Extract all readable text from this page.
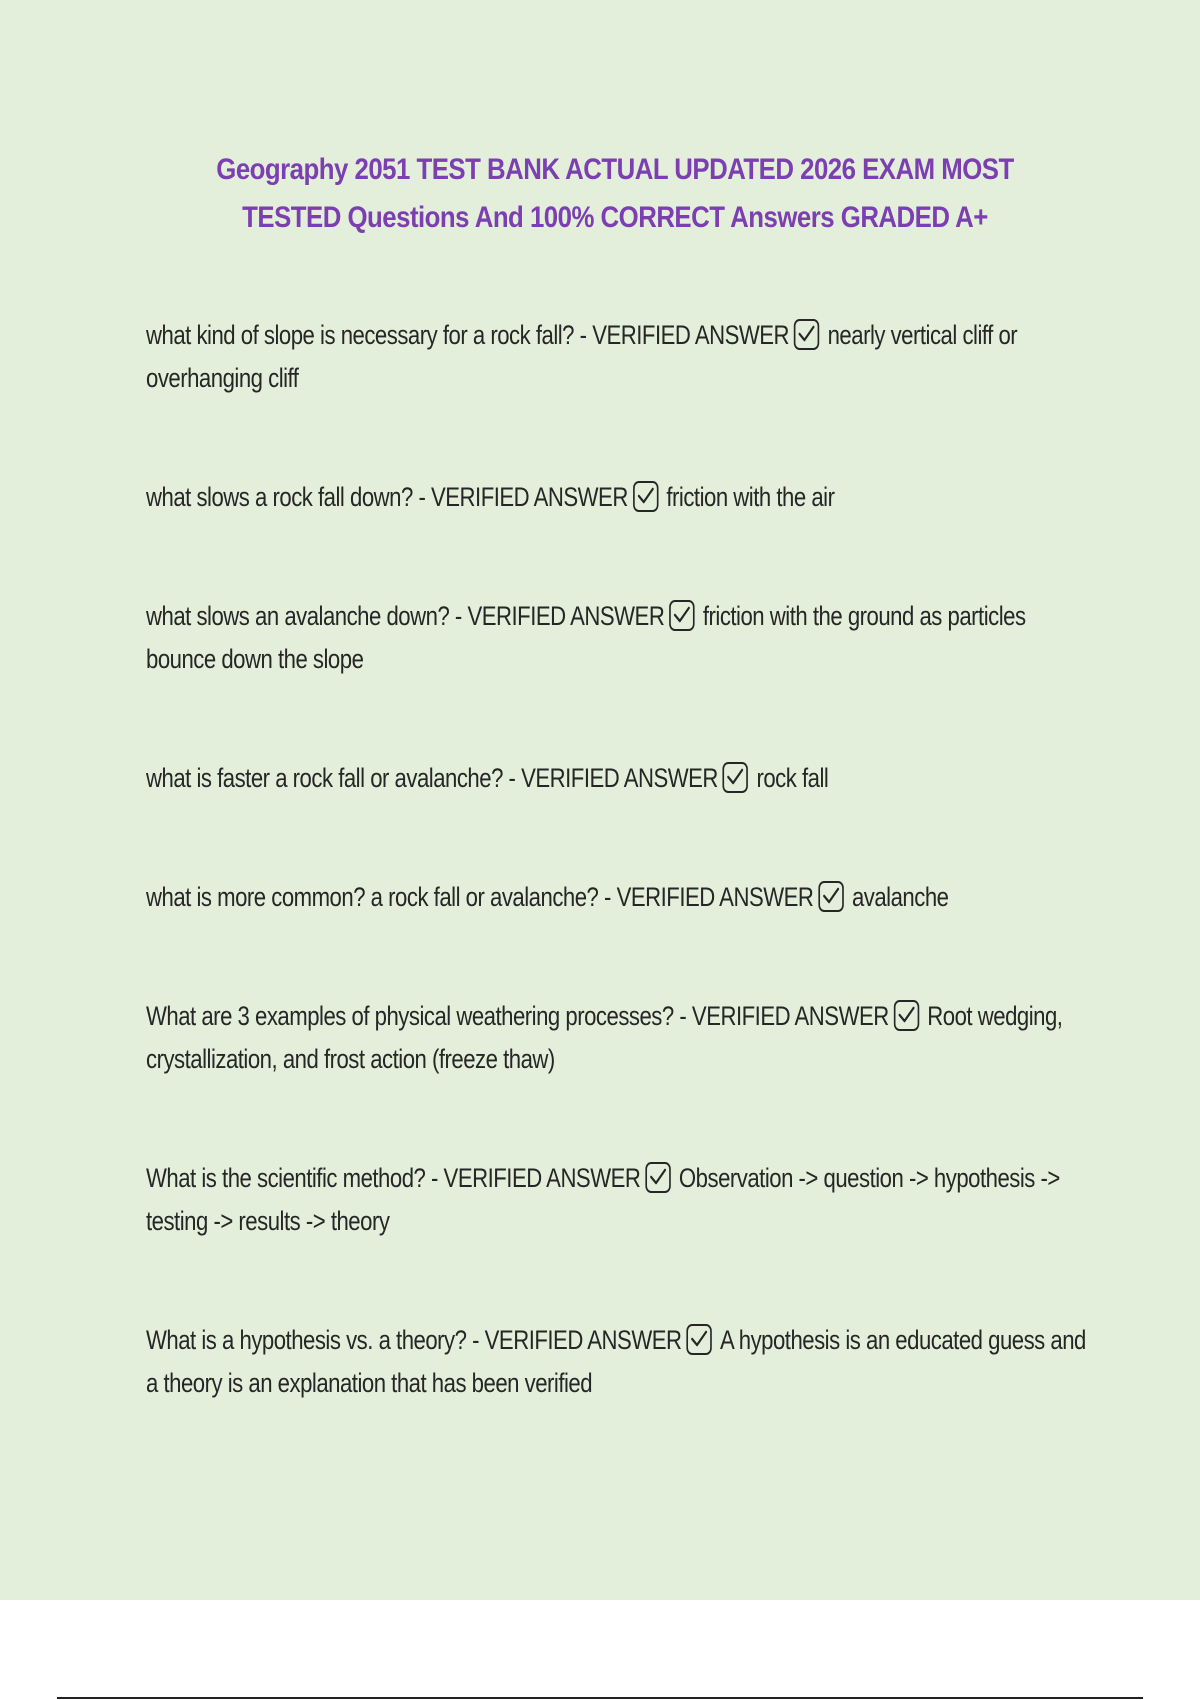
Geography 2051 TEST BANK ACTUAL UPDATED 2026 EXAM MOST TESTED Questions And 100% CORRECT Answers GRADED A+
what kind of slope is necessary for a rock fall? - VERIFIED ANSWER nearly vertical cliff or overhanging cliff
what slows a rock fall down? - VERIFIED ANSWER friction with the air
what slows an avalanche down? - VERIFIED ANSWER friction with the ground as particles bounce down the slope
what is faster a rock fall or avalanche? - VERIFIED ANSWER rock fall
what is more common? a rock fall or avalanche? - VERIFIED ANSWER avalanche
What are 3 examples of physical weathering processes? - VERIFIED ANSWER Root wedging, crystallization, and frost action (freeze thaw)
What is the scientific method? - VERIFIED ANSWER Observation -> question -> hypothesis -> testing -> results -> theory
What is a hypothesis vs. a theory? - VERIFIED ANSWER A hypothesis is an educated guess and a theory is an explanation that has been verified
